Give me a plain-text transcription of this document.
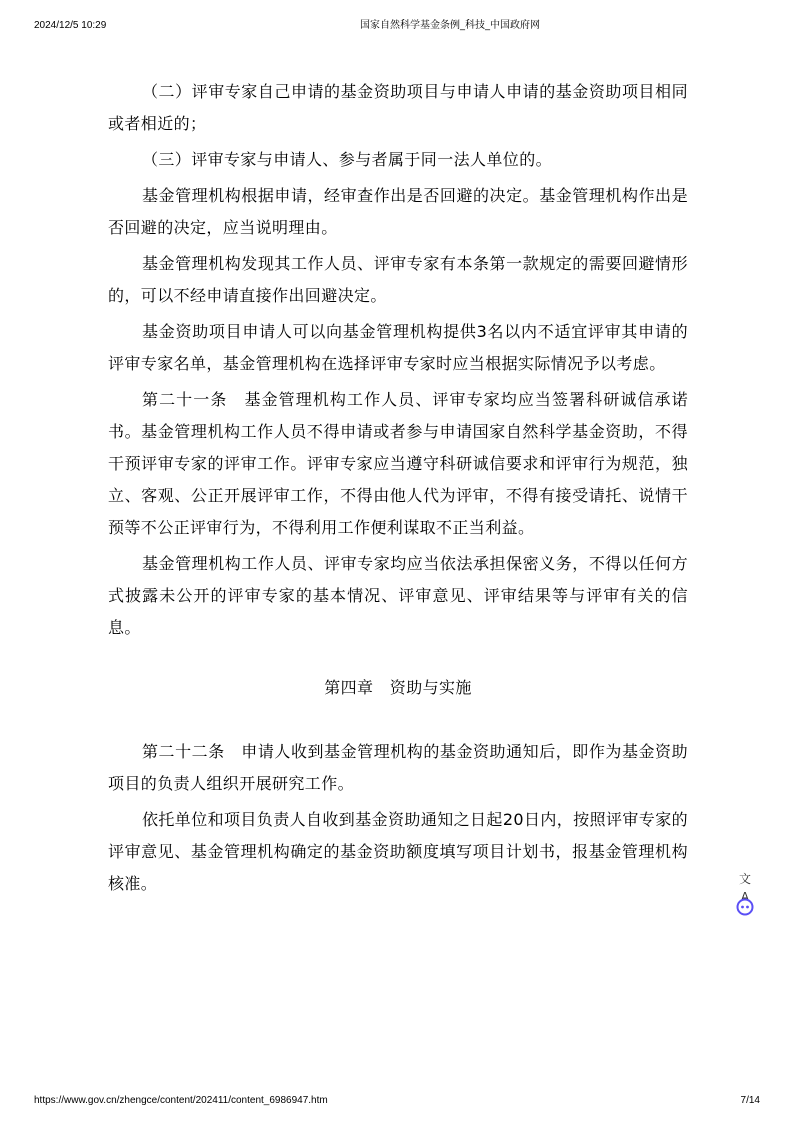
2024/12/5 10:29	国家自然科学基金条例_科技_中国政府网

（二）评审专家自己申请的基金资助项目与申请人申请的基金资助项目相同或者相近的；

（三）评审专家与申请人、参与者属于同一法人单位的。

基金管理机构根据申请，经审查作出是否回避的决定。基金管理机构作出是否回避的决定，应当说明理由。

基金管理机构发现其工作人员、评审专家有本条第一款规定的需要回避情形的，可以不经申请直接作出回避决定。

基金资助项目申请人可以向基金管理机构提供3名以内不适宜评审其申请的评审专家名单，基金管理机构在选择评审专家时应当根据实际情况予以考虑。

第二十一条　基金管理机构工作人员、评审专家均应当签署科研诚信承诺书。基金管理机构工作人员不得申请或者参与申请国家自然科学基金资助，不得干预评审专家的评审工作。评审专家应当遵守科研诚信要求和评审行为规范，独立、客观、公正开展评审工作，不得由他人代为评审，不得有接受请托、说情干预等不公正评审行为，不得利用工作便利谋取不正当利益。

基金管理机构工作人员、评审专家均应当依法承担保密义务，不得以任何方式披露未公开的评审专家的基本情况、评审意见、评审结果等与评审有关的信息。

第四章　资助与实施

第二十二条　申请人收到基金管理机构的基金资助通知后，即作为基金资助项目的负责人组织开展研究工作。

依托单位和项目负责人自收到基金资助通知之日起20日内，按照评审专家的评审意见、基金管理机构确定的基金资助额度填写项目计划书，报基金管理机构核准。	文A
https://www.gov.cn/zhengce/content/202411/content_6986947.htm	7/14
